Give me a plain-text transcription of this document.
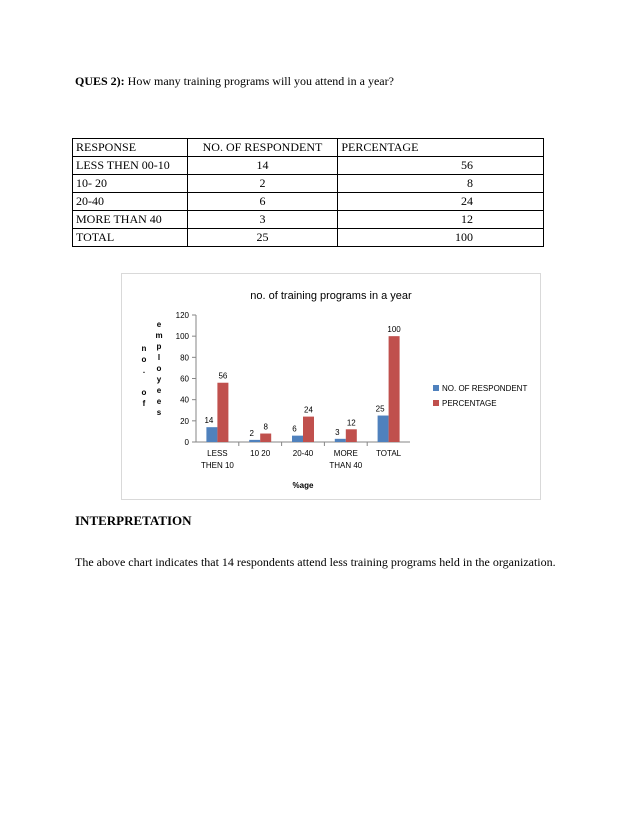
QUES 2): How many training programs will you attend in a year?
RESPONSE	NO. OF RESPONDENT	PERCENTAGE
LESS THEN 00-10	14	56
10- 20	2	8
20-40	6	24
MORE THAN 40	3	12
TOTAL	25	100
no. of training programs in a year
0
20
40
60
80
100
120
14
56
LESS
THEN 10
2
8
10 20
6
24
20-40
3
12
MORE
THAN 40
25
100
TOTAL
%age
n
o
.
o
f
e
m
p
l
o
y
e
e
s
NO. OF RESPONDENT
PERCENTAGE
INTERPRETATION
The above chart indicates that 14 respondents attend less training programs held in the organization.
